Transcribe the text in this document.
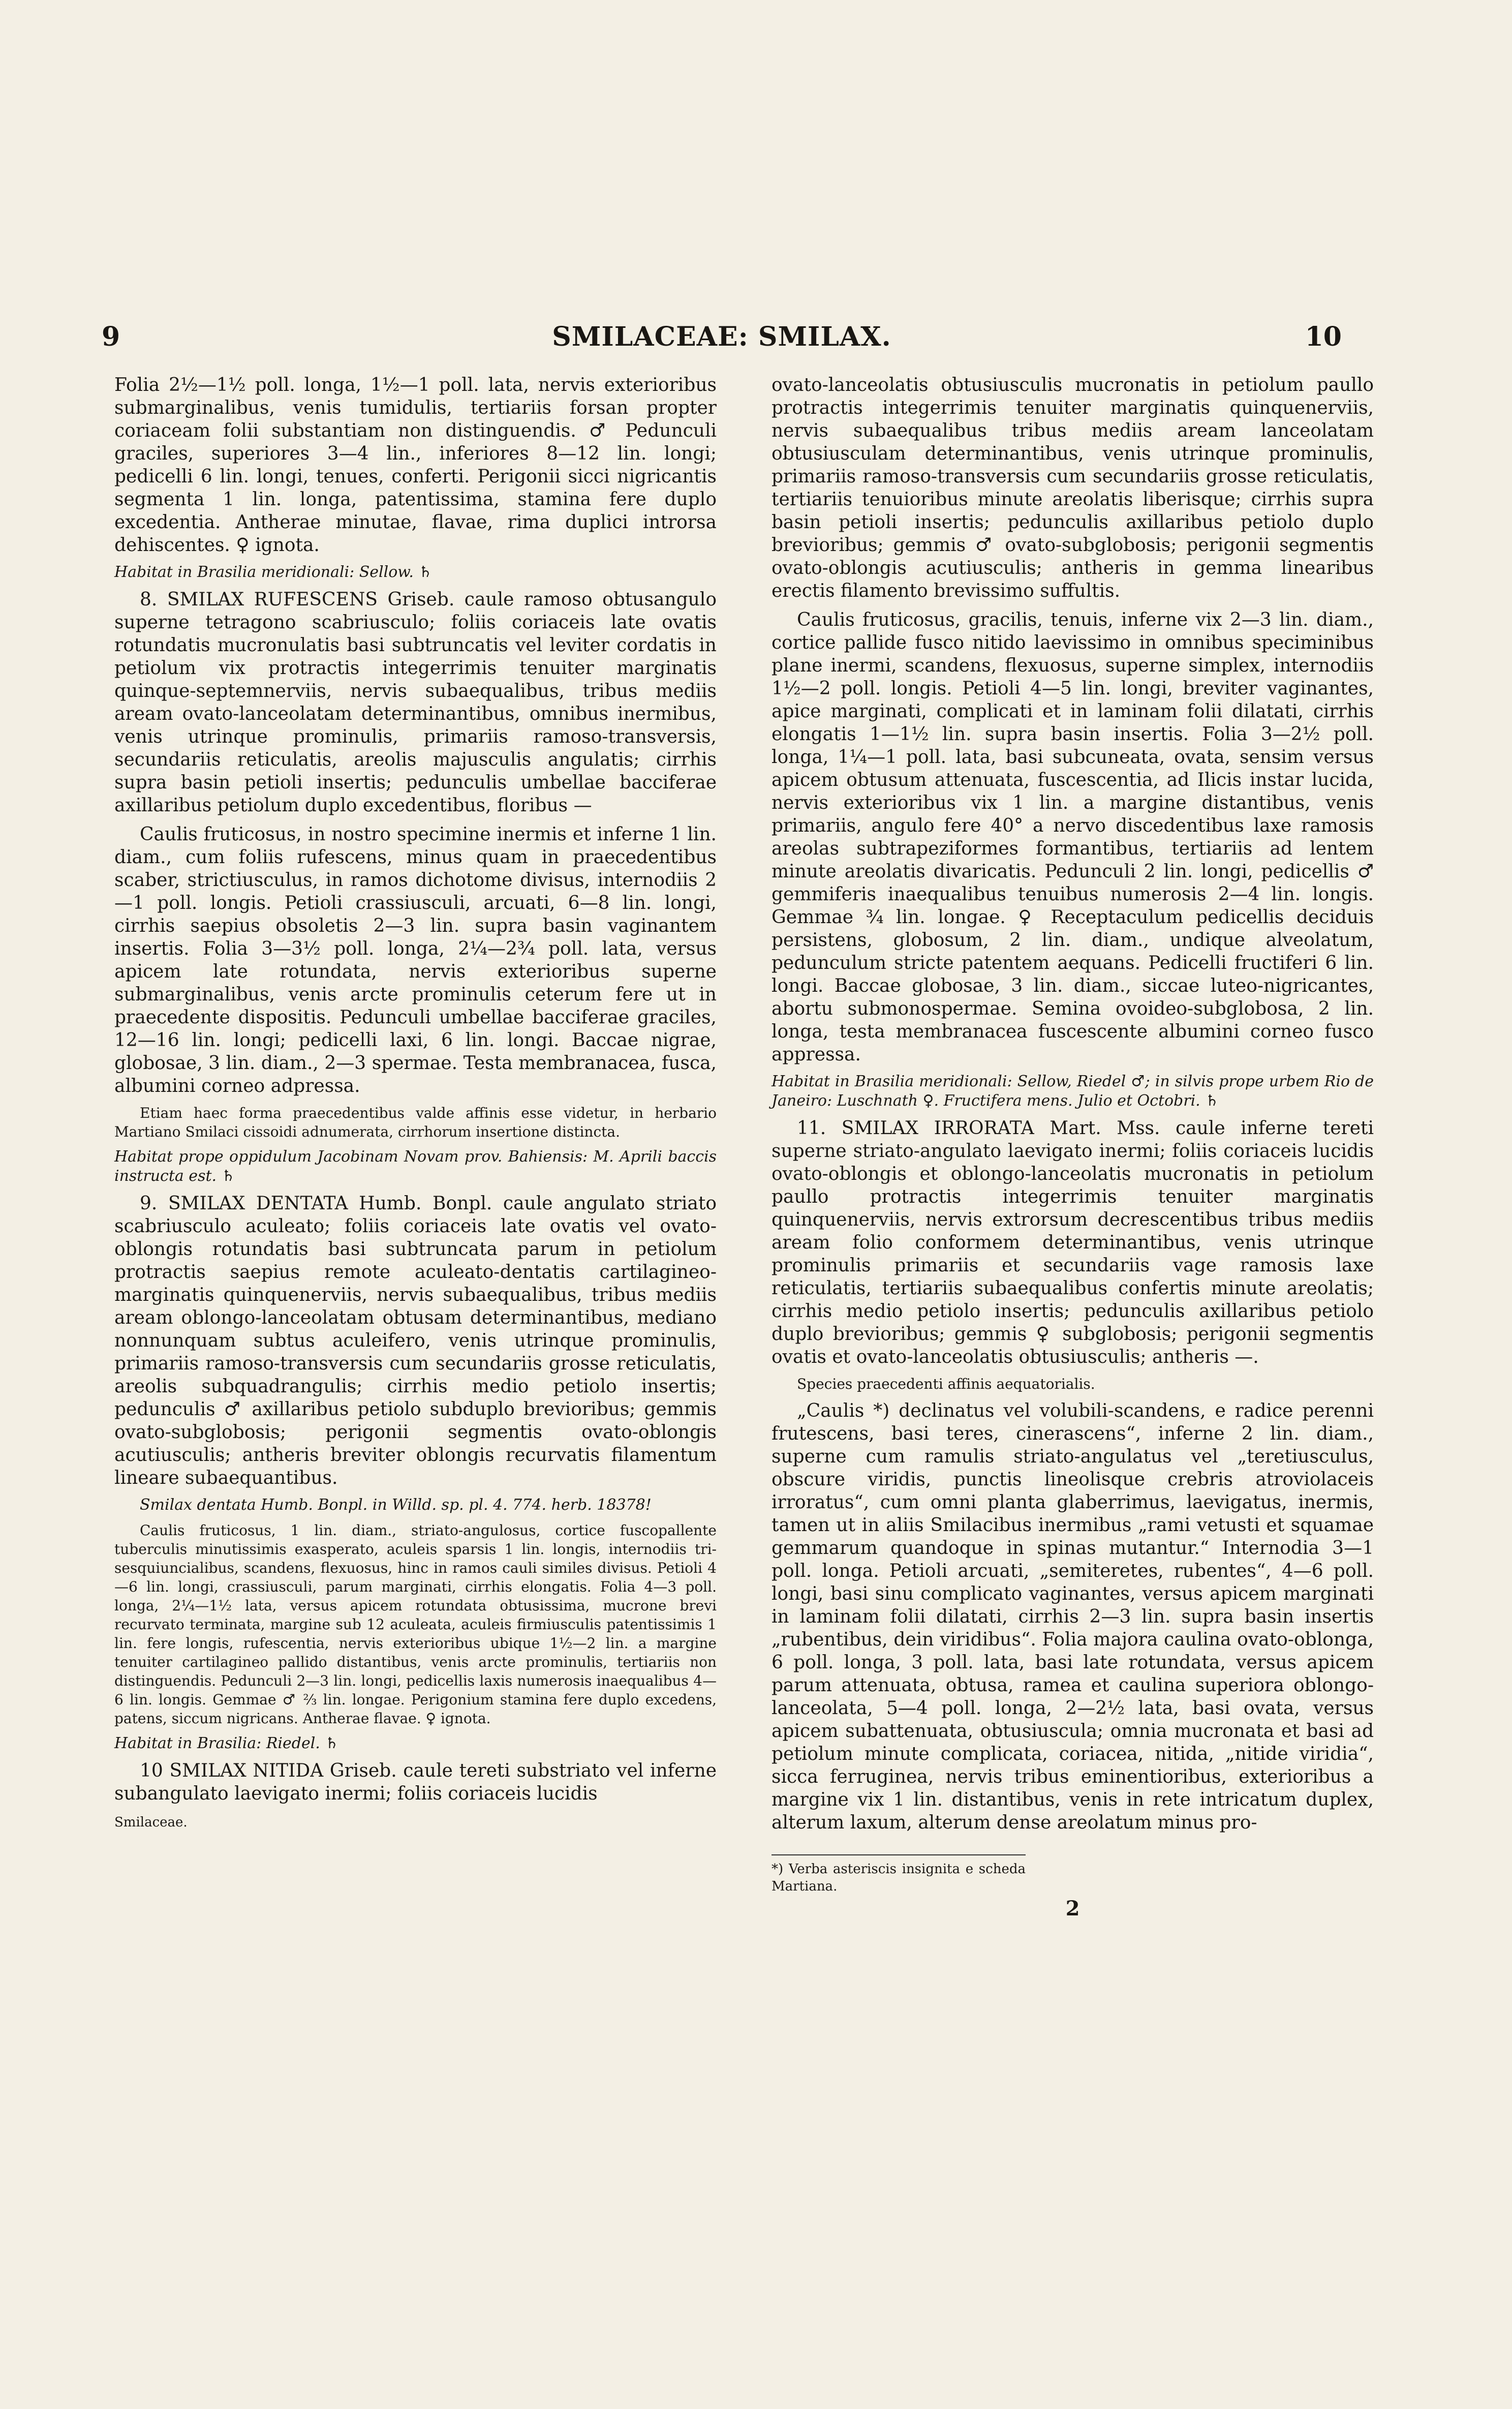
9	SMILACEAE: SMILAX.	10

Folia 2½—1½ poll. longa, 1½—1 poll. lata, nervis exterioribus submarginalibus, venis tumidulis, tertiariis forsan propter coriaceam folii substantiam non distinguendis. ♂ Pedunculi graciles, superiores 3—4 lin., inferiores 8—12 lin. longi; pedicelli 6 lin. longi, tenues, conferti. Perigonii sicci nigricantis segmenta 1 lin. longa, patentissima, stamina fere duplo excedentia. Antherae minutae, flavae, rima duplici introrsa dehiscentes. ♀ ignota.

Habitat in Brasilia meridionali: Sellow. ♄

8. SMILAX RUFESCENS Griseb. caule ramoso obtusangulo superne tetragono scabriusculo; foliis coriaceis late ovatis rotundatis mucronulatis basi subtruncatis vel leviter cordatis in petiolum vix protractis integerrimis tenuiter marginatis quinque-septemnerviis, nervis subaequalibus, tribus mediis aream ovato-lanceolatam determinantibus, omnibus inermibus, venis utrinque prominulis, primariis ramoso-transversis, secundariis reticulatis, areolis majusculis angulatis; cirrhis supra basin petioli insertis; pedunculis umbellae bacciferae axillaribus petiolum duplo excedentibus, floribus —

Caulis fruticosus, in nostro specimine inermis et inferne 1 lin. diam., cum foliis rufescens, minus quam in praecedentibus scaber, strictiusculus, in ramos dichotome divisus, internodiis 2—1 poll. longis. Petioli crassiusculi, arcuati, 6—8 lin. longi, cirrhis saepius obsoletis 2—3 lin. supra basin vaginantem insertis. Folia 3—3½ poll. longa, 2¼—2¾ poll. lata, versus apicem late rotundata, nervis exterioribus superne submarginalibus, venis arcte prominulis ceterum fere ut in praecedente dispositis. Pedunculi umbellae bacciferae graciles, 12—16 lin. longi; pedicelli laxi, 6 lin. longi. Baccae nigrae, globosae, 3 lin. diam., 2—3 spermae. Testa membranacea, fusca, albumini corneo adpressa.

Etiam haec forma praecedentibus valde affinis esse videtur, in herbario Martiano Smilaci cissoidi adnumerata, cirrhorum insertione distincta.

Habitat prope oppidulum Jacobinam Novam prov. Bahiensis: M. Aprili baccis instructa est. ♄

9. SMILAX DENTATA Humb. Bonpl. caule angulato striato scabriusculo aculeato; foliis coriaceis late ovatis vel ovato-oblongis rotundatis basi subtruncata parum in petiolum protractis saepius remote aculeato-dentatis cartilagineo-marginatis quinquenerviis, nervis subaequalibus, tribus mediis aream oblongo-lanceolatam obtusam determinantibus, mediano nonnunquam subtus aculeifero, venis utrinque prominulis, primariis ramoso-transversis cum secundariis grosse reticulatis, areolis subquadrangulis; cirrhis medio petiolo insertis; pedunculis ♂ axillaribus petiolo subduplo brevioribus; gemmis ovato-subglobosis; perigonii segmentis ovato-oblongis acutiusculis; antheris breviter oblongis recurvatis filamentum lineare subaequantibus.

Smilax dentata Humb. Bonpl. in Willd. sp. pl. 4. 774. herb. 18378!

Caulis fruticosus, 1 lin. diam., striato-angulosus, cortice fuscopallente tuberculis minutissimis exasperato, aculeis sparsis 1 lin. longis, internodiis tri-sesquiuncialibus, scandens, flexuosus, hinc in ramos cauli similes divisus. Petioli 4—6 lin. longi, crassiusculi, parum marginati, cirrhis elongatis. Folia 4—3 poll. longa, 2¼—1½ lata, versus apicem rotundata obtusissima, mucrone brevi recurvato terminata, margine sub 12 aculeata, aculeis firmiusculis patentissimis 1 lin. fere longis, rufescentia, nervis exterioribus ubique 1½—2 lin. a margine tenuiter cartilagineo pallido distantibus, venis arcte prominulis, tertiariis non distinguendis. Pedunculi 2—3 lin. longi, pedicellis laxis numerosis inaequalibus 4—6 lin. longis. Gemmae ♂ ⅔ lin. longae. Perigonium stamina fere duplo excedens, patens, siccum nigricans. Antherae flavae. ♀ ignota.

Habitat in Brasilia: Riedel. ♄

10 SMILAX NITIDA Griseb. caule tereti substriato vel inferne subangulato laevigato inermi; foliis coriaceis lucidis

Smilaceae.

ovato-lanceolatis obtusiusculis mucronatis in petiolum paullo protractis integerrimis tenuiter marginatis quinquenerviis, nervis subaequalibus tribus mediis aream lanceolatam obtusiusculam determinantibus, venis utrinque prominulis, primariis ramoso-transversis cum secundariis grosse reticulatis, tertiariis tenuioribus minute areolatis liberisque; cirrhis supra basin petioli insertis; pedunculis axillaribus petiolo duplo brevioribus; gemmis ♂ ovato-subglobosis; perigonii segmentis ovato-oblongis acutiusculis; antheris in gemma linearibus erectis filamento brevissimo suffultis.

Caulis fruticosus, gracilis, tenuis, inferne vix 2—3 lin. diam., cortice pallide fusco nitido laevissimo in omnibus speciminibus plane inermi, scandens, flexuosus, superne simplex, internodiis 1½—2 poll. longis. Petioli 4—5 lin. longi, breviter vaginantes, apice marginati, complicati et in laminam folii dilatati, cirrhis elongatis 1—1½ lin. supra basin insertis. Folia 3—2½ poll. longa, 1¼—1 poll. lata, basi subcuneata, ovata, sensim versus apicem obtusum attenuata, fuscescentia, ad Ilicis instar lucida, nervis exterioribus vix 1 lin. a margine distantibus, venis primariis, angulo fere 40° a nervo discedentibus laxe ramosis areolas subtrapeziformes formantibus, tertiariis ad lentem minute areolatis divaricatis. Pedunculi 2 lin. longi, pedicellis ♂ gemmiferis inaequalibus tenuibus numerosis 2—4 lin. longis. Gemmae ¾ lin. longae. ♀ Receptaculum pedicellis deciduis persistens, globosum, 2 lin. diam., undique alveolatum, pedunculum stricte patentem aequans. Pedicelli fructiferi 6 lin. longi. Baccae globosae, 3 lin. diam., siccae luteo-nigricantes, abortu submonospermae. Semina ovoideo-subglobosa, 2 lin. longa, testa membranacea fuscescente albumini corneo fusco appressa.

Habitat in Brasilia meridionali: Sellow, Riedel ♂; in silvis prope urbem Rio de Janeiro: Luschnath ♀. Fructifera mens. Julio et Octobri. ♄

11. SMILAX IRRORATA Mart. Mss. caule inferne tereti superne striato-angulato laevigato inermi; foliis coriaceis lucidis ovato-oblongis et oblongo-lanceolatis mucronatis in petiolum paullo protractis integerrimis tenuiter marginatis quinquenerviis, nervis extrorsum decrescentibus tribus mediis aream folio conformem determinantibus, venis utrinque prominulis primariis et secundariis vage ramosis laxe reticulatis, tertiariis subaequalibus confertis minute areolatis; cirrhis medio petiolo insertis; pedunculis axillaribus petiolo duplo brevioribus; gemmis ♀ subglobosis; perigonii segmentis ovatis et ovato-lanceolatis obtusiusculis; antheris —.

Species praecedenti affinis aequatorialis.

„Caulis *) declinatus vel volubili-scandens, e radice perenni frutescens, basi teres, cinerascens“, inferne 2 lin. diam., superne cum ramulis striato-angulatus vel „teretiusculus, obscure viridis, punctis lineolisque crebris atroviolaceis irroratus“, cum omni planta glaberrimus, laevigatus, inermis, tamen ut in aliis Smilacibus inermibus „rami vetusti et squamae gemmarum quandoque in spinas mutantur.“ Internodia 3—1 poll. longa. Petioli arcuati, „semiteretes, rubentes“, 4—6 poll. longi, basi sinu complicato vaginantes, versus apicem marginati in laminam folii dilatati, cirrhis 2—3 lin. supra basin insertis „rubentibus, dein viridibus“. Folia majora caulina ovato-oblonga, 6 poll. longa, 3 poll. lata, basi late rotundata, versus apicem parum attenuata, obtusa, ramea et caulina superiora oblongo-lanceolata, 5—4 poll. longa, 2—2½ lata, basi ovata, versus apicem subattenuata, obtusiuscula; omnia mucronata et basi ad petiolum minute complicata, coriacea, nitida, „nitide viridia“, sicca ferruginea, nervis tribus eminentioribus, exterioribus a margine vix 1 lin. distantibus, venis in rete intricatum duplex, alterum laxum, alterum dense areolatum minus pro-

*) Verba asteriscis insignita e scheda Martiana.
2
